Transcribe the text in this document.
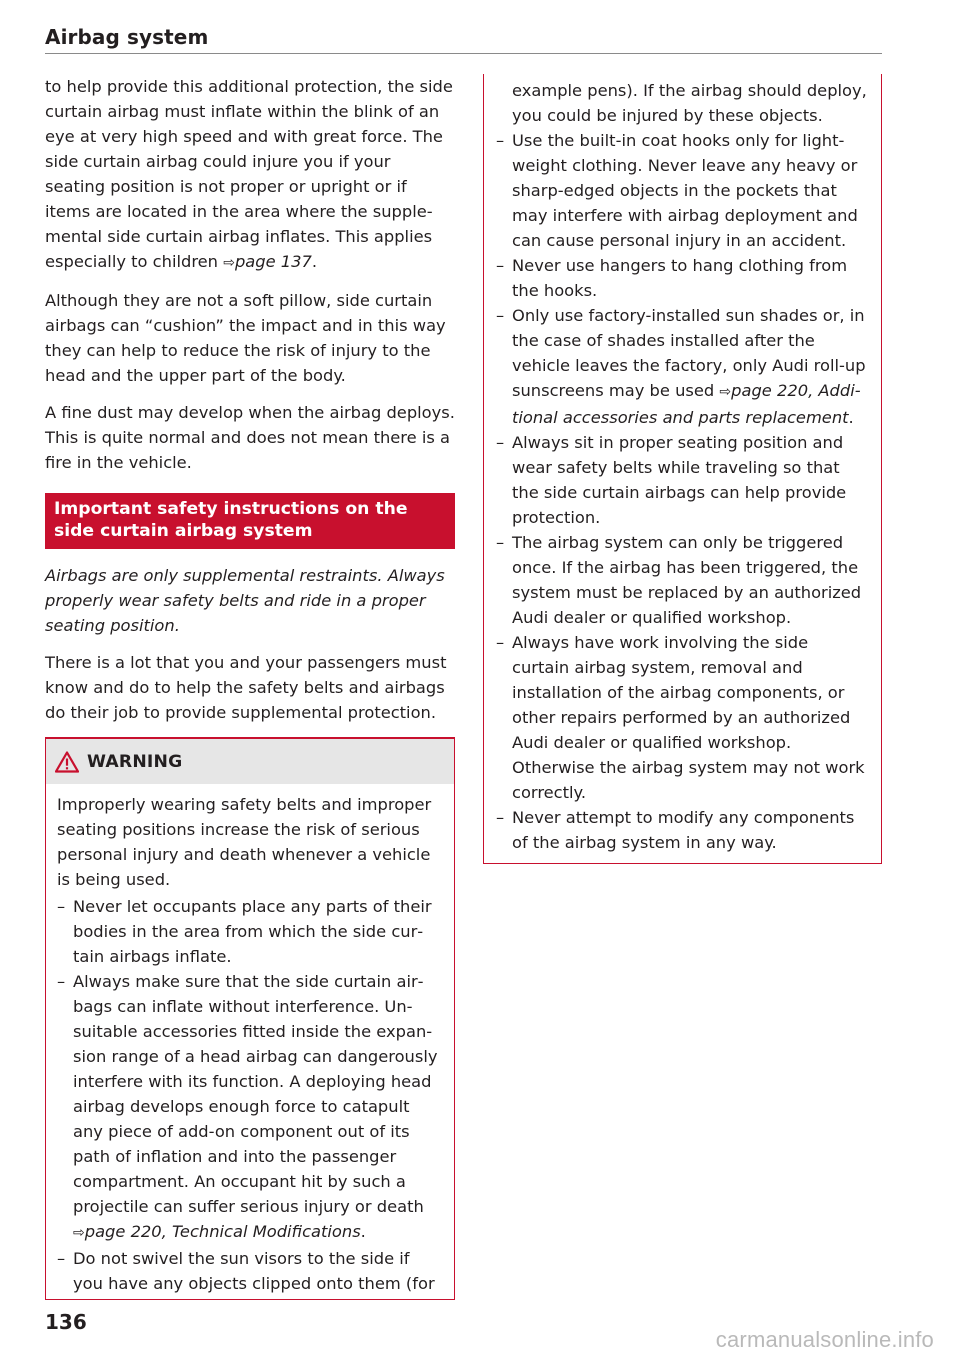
Airbag system

to help provide this additional protection, the side curtain airbag must inflate within the blink of an eye at very high speed and with great force. The side curtain airbag could injure you if your seating position is not proper or upright or if items are located in the area where the supplemental side curtain airbag inflates. This applies especially to children ⇨page 137.

Although they are not a soft pillow, side curtain airbags can “cushion” the impact and in this way they can help to reduce the risk of injury to the head and the upper part of the body.

A fine dust may develop when the airbag deploys. This is quite normal and does not mean there is a fire in the vehicle.

Important safety instructions on the side curtain airbag system

Airbags are only supplemental restraints. Always properly wear safety belts and ride in a proper seating position.

There is a lot that you and your passengers must know and do to help the safety belts and airbags do their job to provide supplemental protection.

WARNING

Improperly wearing safety belts and improper seating positions increase the risk of serious personal injury and death whenever a vehicle is being used.

– Never let occupants place any parts of their bodies in the area from which the side curtain airbags inflate.
– Always make sure that the side curtain airbags can inflate without interference. Unsuitable accessories fitted inside the expansion range of a head airbag can dangerously interfere with its function. A deploying head airbag develops enough force to catapult any piece of add-on component out of its path of inflation and into the passenger compartment. An occupant hit by such a projectile can suffer serious injury or death ⇨page 220, Technical Modifications.
– Do not swivel the sun visors to the side if you have any objects clipped onto them (for

example pens). If the airbag should deploy, you could be injured by these objects.

– Use the built-in coat hooks only for lightweight clothing. Never leave any heavy or sharp-edged objects in the pockets that may interfere with airbag deployment and can cause personal injury in an accident.
– Never use hangers to hang clothing from the hooks.
– Only use factory-installed sun shades or, in the case of shades installed after the vehicle leaves the factory, only Audi roll-up sunscreens may be used ⇨page 220, Additional accessories and parts replacement.
– Always sit in proper seating position and wear safety belts while traveling so that the side curtain airbags can help provide protection.
– The airbag system can only be triggered once. If the airbag has been triggered, the system must be replaced by an authorized Audi dealer or qualified workshop.
– Always have work involving the side curtain airbag system, removal and installation of the airbag components, or other repairs performed by an authorized Audi dealer or qualified workshop. Otherwise the airbag system may not work correctly.
– Never attempt to modify any components of the airbag system in any way.
136
carmanualsonline.info
